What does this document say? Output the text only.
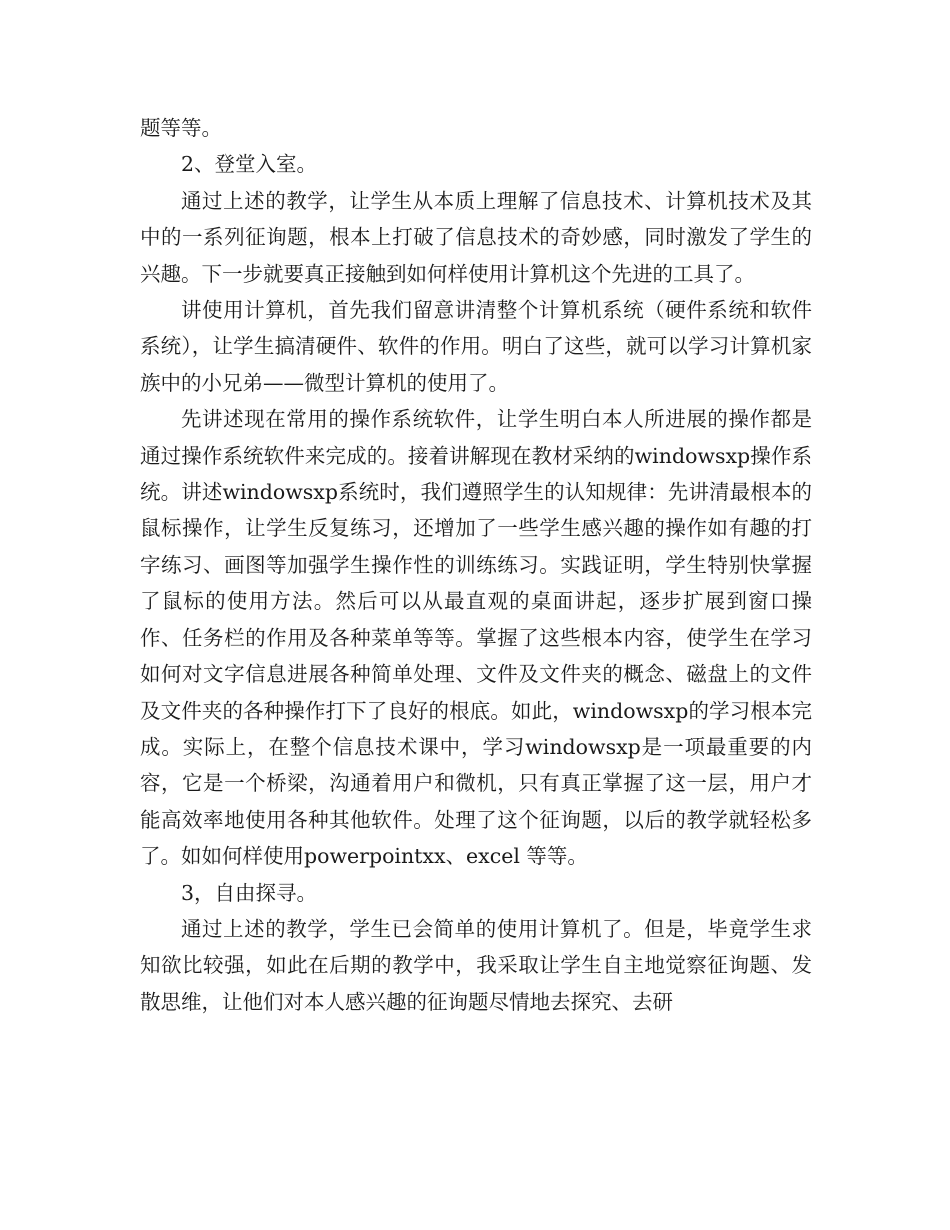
题等等。

2、登堂入室。

通过上述的教学，让学生从本质上理解了信息技术、计算机技术及其中的一系列征询题，根本上打破了信息技术的奇妙感，同时激发了学生的兴趣。下一步就要真正接触到如何样使用计算机这个先进的工具了。

讲使用计算机，首先我们留意讲清整个计算机系统（硬件系统和软件系统），让学生搞清硬件、软件的作用。明白了这些，就可以学习计算机家族中的小兄弟——微型计算机的使用了。

先讲述现在常用的操作系统软件，让学生明白本人所进展的操作都是通过操作系统软件来完成的。接着讲解现在教材采纳的windowsxp操作系统。讲述windowsxp系统时，我们遵照学生的认知规律：先讲清最根本的鼠标操作，让学生反复练习，还增加了一些学生感兴趣的操作如有趣的打字练习、画图等加强学生操作性的训练练习。实践证明，学生特别快掌握了鼠标的使用方法。然后可以从最直观的桌面讲起，逐步扩展到窗口操作、任务栏的作用及各种菜单等等。掌握了这些根本内容，使学生在学习如何对文字信息进展各种简单处理、文件及文件夹的概念、磁盘上的文件及文件夹的各种操作打下了良好的根底。如此，windowsxp的学习根本完成。实际上，在整个信息技术课中，学习windowsxp是一项最重要的内容，它是一个桥梁，沟通着用户和微机，只有真正掌握了这一层，用户才能高效率地使用各种其他软件。处理了这个征询题，以后的教学就轻松多了。如如何样使用powerpointxx、excel 等等。

3，自由探寻。

通过上述的教学，学生已会简单的使用计算机了。但是，毕竟学生求知欲比较强，如此在后期的教学中，我采取让学生自主地觉察征询题、发散思维，让他们对本人感兴趣的征询题尽情地去探究、去研
